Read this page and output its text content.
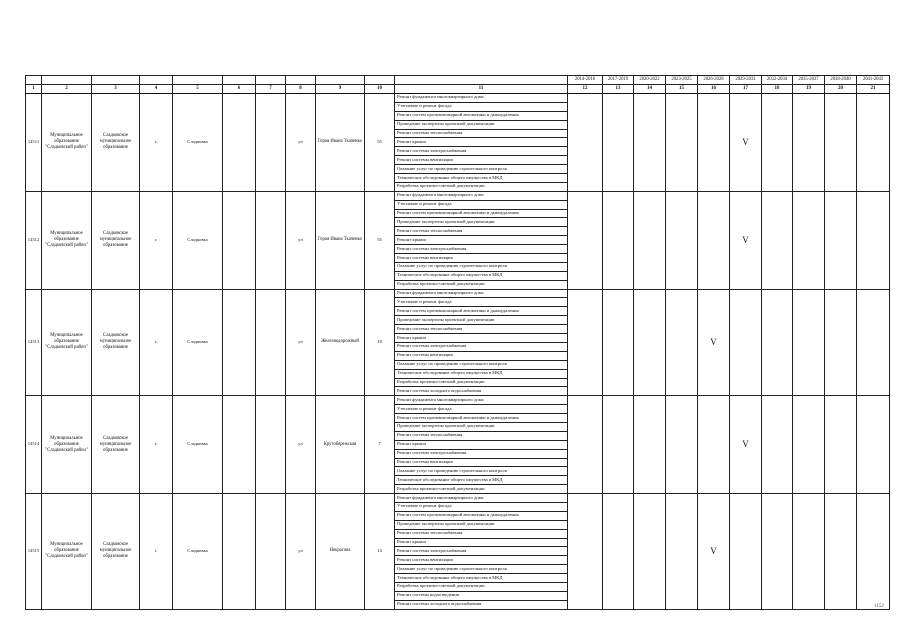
											2014-2016	2017-2019	2020-2022	2023-2025	2026-2028	2029-2031	2032-2034	2035-2037	2038-2040	2041-2043
1	2	3	4	5	6	7	8	9	10	11	12	13	14	15	16	17	18	19	20	21
14511	Муниципальное образование "Сладковский район"	Сладковское муниципальное образование	г.	Сладковка			ул	Героя Ивана Ткаченко	55	Ремонт фундамента многоквартирного дома						V				
										Утепление и ремонт фасада										
										Ремонт систем противопожарной автоматики и дымоудаления										
										Проведение экспертизы проектной документации										
										Ремонт системы теплоснабжения										
										Ремонт крыши										
										Ремонт системы электроснабжения										
										Ремонт системы вентиляции										
										Оказание услуг по проведению строительного контроля										
										Техническое обследование общего имущества в МКД										
										Разработка проектно-сметной документации										
14512	Муниципальное образование "Сладковский район"	Сладковское муниципальное образование	г.	Сладковка			ул	Героя Ивана Ткаченко	55	Ремонт фундамента многоквартирного дома						V				
										Утепление и ремонт фасада										
										Ремонт систем противопожарной автоматики и дымоудаления										
										Проведение экспертизы проектной документации										
										Ремонт системы теплоснабжения										
										Ремонт крыши										
										Ремонт системы электроснабжения										
										Ремонт системы вентиляции										
										Оказание услуг по проведению строительного контроля										
										Техническое обследование общего имущества в МКД										
										Разработка проектно-сметной документации										
14513	Муниципальное образование "Сладковский район"	Сладковское муниципальное образование	г.	Сладковка			ул	Железнодорожный	18	Ремонт фундамента многоквартирного дома					V					
										Утепление и ремонт фасада										
										Ремонт систем противопожарной автоматики и дымоудаления										
										Проведение экспертизы проектной документации										
										Ремонт системы теплоснабжения										
										Ремонт крыши										
										Ремонт системы электроснабжения										
										Ремонт системы вентиляции										
										Оказание услуг по проведению строительного контроля										
										Техническое обследование общего имущества в МКД										
										Разработка проектно-сметной документации										
										Ремонт системы холодного водоснабжения										
14514	Муниципальное образование "Сладковский район"	Сладковское муниципальное образование	г.	Сладковка			ул	Крутобережская	7	Ремонт фундамента многоквартирного дома						V				
										Утепление и ремонт фасада										
										Ремонт систем противопожарной автоматики и дымоудаления										
										Проведение экспертизы проектной документации										
										Ремонт системы теплоснабжения										
										Ремонт крыши										
										Ремонт системы электроснабжения										
										Ремонт системы вентиляции										
										Оказание услуг по проведению строительного контроля										
										Техническое обследование общего имущества в МКД										
										Разработка проектно-сметной документации										
14515	Муниципальное образование "Сладковский район"	Сладковское муниципальное образование	г.	Сладковка			ул	Некрасова	14	Ремонт фундамента многоквартирного дома					V					
										Утепление и ремонт фасада										
										Ремонт систем противопожарной автоматики и дымоудаления										
										Проведение экспертизы проектной документации										
										Ремонт системы теплоснабжения										
										Ремонт крыши										
										Ремонт системы электроснабжения										
										Ремонт системы вентиляции										
										Оказание услуг по проведению строительного контроля										
										Техническое обследование общего имущества в МКД										
										Разработка проектно-сметной документации										
										Ремонт системы водоотведения										
										Ремонт системы холодного водоснабжения										
1152
